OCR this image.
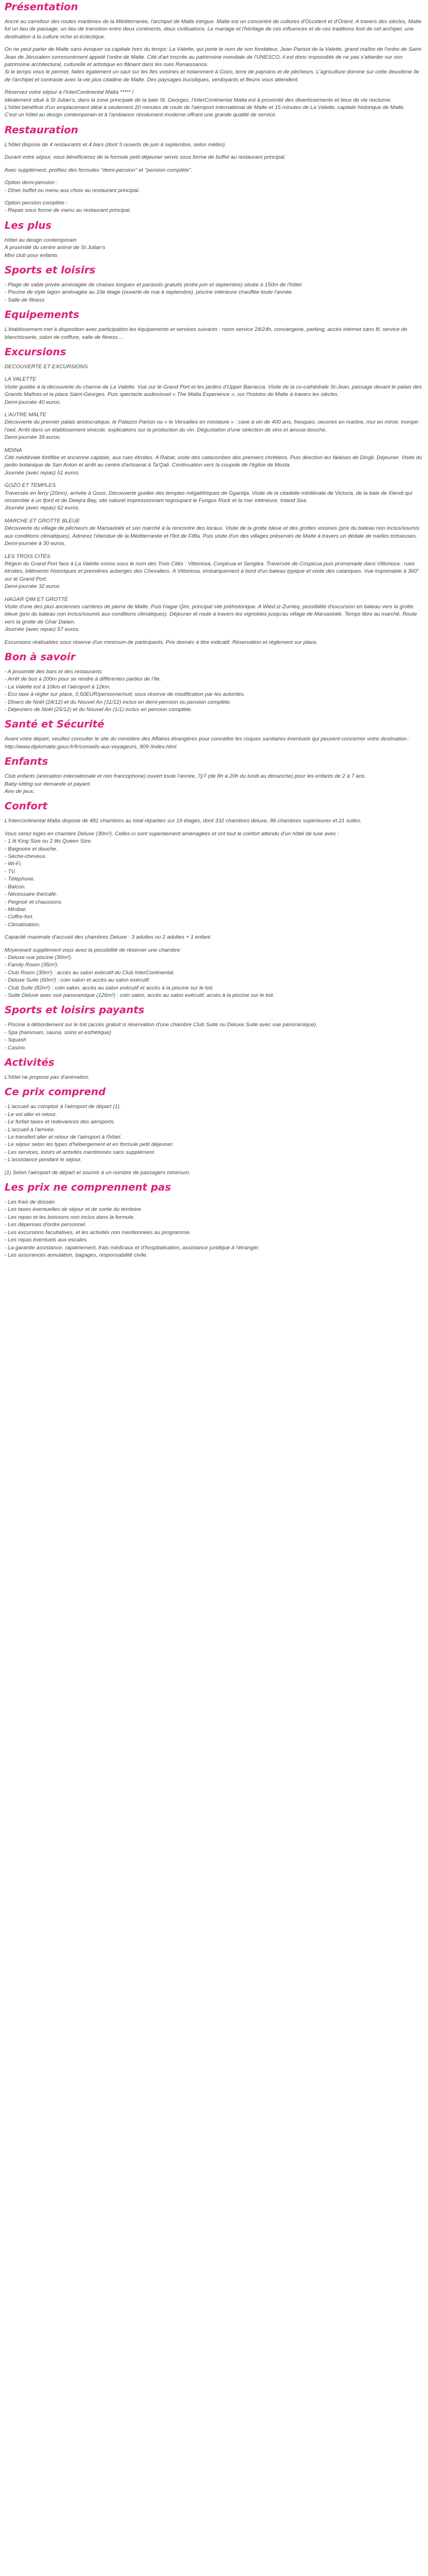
Présentation
Ancré au carrefour des routes maritimes de la Méditerranée, l'archipel de Malte intrigue. Malte est un concentré de cultures d'Occident et d'Orient. A travers des siècles, Malte fut un lieu de passage, un lieu de transition entre deux continents, deux civilisations. Le mariage et l'héritage de ces influences et de ces traditions font de cet archipel, une destination à la culture riche et éclectique.
On ne peut parler de Malte sans évoquer sa capitale hors du temps: La Valette, qui porte le nom de son fondateur, Jean Parisot de la Valette, grand maître de l'ordre de Saint-Jean de Jérusalem communément appelé l'ordre de Malte. Cité d'art inscrite au patrimoine mondiale de l'UNESCO, il est donc impossible de ne pas s'attarder sur son patrimoine architectural, culturelle et artistique en flânant dans les rues Renaissance.
Si le temps vous le permet, faites également un saut sur les îles voisines et notamment à Gozo, terre de paysans et de pêcheurs. L'agriculture domine sur cette deuxième île de l'archipel et contraste avec la vie plus citadine de Malte. Des paysages bucoliques, verdoyants et fleuris vous attendent.
Réservez votre séjour à l'InterContinental Malta ***** !
Idéalement situé à St Julian's, dans la zone principale de la baie St. Georges, l'InterContinental Malta est à proximité des divertissements et lieux de vie nocturne.
L'hôtel bénéficie d'un emplacement idéal à seulement 20 minutes de route de l'aéroport international de Malte et 15 minutes de La Valette, capitale historique de Malte.
C'est un hôtel au design contemporain et à l'ambiance résolument moderne offrant une grande qualité de service.
Restauration
L'hôtel dispose de 4 restaurants et 4 bars (dont 3 ouverts de juin à septembre, selon météo).
Durant votre séjour, vous bénéficierez de la formule petit déjeuner servis sous forme de buffet au restaurant principal.
Avec supplément, profitez des formules "demi-pension" et "pension complète".
Option demi-pension :
- Dîner buffet ou menu aux choix au restaurant principal.
Option pension complète :
- Repas sous forme de menu au restaurant principal.
Les plus
Hôtel au design contemporain
A proximité du centre animé de St Julian's
Mini club pour enfants
Sports et loisirs
- Plage de sable privée aménagée de chaises longues et parasols gratuits (entre juin et septembre) située à 150m de l'hôtel.
- Piscine de style lagon aménagée au 10e étage (ouverte de mai à septembre), piscine intérieure chauffée toute l'année.
- Salle de fitness
Equipements
L'établissement met à disposition avec participation les équipements et services suivants : room service 24/24h, conciergerie, parking, accès internet sans fil, service de blanchisserie, salon de coiffure, salle de fitness ...
Excursions
DECOUVERTE ET EXCURSIONS
LA VALETTE
Visite guidée à la découverte du charme de La Valette. Vue sur le Grand Port et les jardins d'Upper Barracca. Visite de la co-cathédrale St-Jean, passage devant le palais des Grands Maîtres et la place Saint-Georges. Puis spectacle audiovisuel « The Malta Experience », sur l'histoire de Malte à travers les siècles.
Demi-journée 40 euros.
L'AUTRE MALTE
Découverte du premier palais aristocratique, le Palazzo Parisio ou « le Versailles en miniature » : cave à vin de 400 ans, fresques, oeuvres en marbre, mur en miroir, trompe-l'oeil. Arrêt dans un établissement vinicole, explications sur la production du vin. Dégustation d'une sélection de vins et amuse-bouche.
Demi-journée 39 euros.
MDINA
Cité médiévale fortifiée et ancienne capitale, aux rues étroites. A Rabat, visite des catacombes des premiers chrétiens. Puis direction les falaises de Dingli. Déjeuner. Visite du jardin botanique de San Anton et arrêt au centre d'artisanat à Ta'Qali. Continuation vers la coupole de l'église de Mosta.
Journée (avec repas) 51 euros.
GOZO ET TEMPLES
Traversée en ferry (20mn), arrivée à Gozo. Découverte guidée des temples mégalithiques de Ggantija. Visite de la citadelle médiévale de Victoria, de la baie de Xlendi qui ressemble à un fjord et de Dwejra Bay, site naturel impressionnant regroupant le Fungus Rock et la mer intérieure, Inland Sea.
Journée (avec repas) 62 euros.
MARCHE ET GROTTE BLEUE
Découverte du village de pêcheurs de Marsaxlokk et son marché à la rencontre des locaux. Visite de la grotte bleue et des grottes voisines (prix du bateau non inclus/soumis aux conditions climatiques). Admirez l'étendue de la Méditerranée et l'îlot de Filfla. Puis visite d'un des villages préservés de Malte à travers un dédale de ruelles tortueuses.
Demi-journée à 30 euros.
LES TROIS CITÉS
Région du Grand Port face à La Valette connu sous le nom des Trois Cités : Vittoriosa, Cospicua et Senglea. Traversée de Cospicua puis promenade dans Vittoriosa : rues étroites, bâtiments historiques et premières auberges des Chevaliers. A Vittoriosa, embarquement à bord d'un bateau typique et visite des calanques. Vue imprenable à 360° sur le Grand Port.
Demi-journée 32 euros
HAGAR QIM ET GROTTE
Visite d'une des plus anciennes carrières de pierre de Malte. Puis Hagar Qim, principal site préhistorique. A Wied iz-Zurrieq, possibilité d'excursion en bateau vers la grotte bleue (prix du bateau non inclus/soumis aux conditions climatiques). Déjeuner et route à travers les vignobles jusqu'au village de Marsaxlokk. Temps libre au marché. Route vers la grotte de Ghar Dalam.
Journée (avec repas) 57 euros.
Excursions réalisables sous réserve d'un minimum de participants. Prix donnés à titre indicatif. Réservation et règlement sur place.
Bon à savoir
- A proximité des bars et des restaurants.
- Arrêt de bus à 200m pour se rendre à différentes parties de l'île.
- La Valette est à 10km et l'aéroport à 12km.
- Eco taxe à régler sur place, 0,50EUR/personne/nuit; sous réserve de modification par les autorités.
- Dîners de Noël (24/12) et du Nouvel An (31/12) inclus en demi-pension ou pension complète.
- Déjeuners de Noël (25/12) et du Nouvel An (1/1) inclus en pension complète.
Santé et Sécurité
Avant votre départ, veuillez consulter le site du ministère des Affaires étrangères pour connaître les risques sanitaires éventuels qui peuvent concerner votre destination : http://www.diplomatie.gouv.fr/fr/conseils-aux-voyageurs_909 /index.html
Enfants
Club enfants (animation internationale et non francophone) ouvert toute l'année, 7j/7 (de 8h à 20h du lundi au dimanche) pour les enfants de 2 à 7 ans.
Baby-sitting sur demande et payant.
Aire de jeux.
Confort
L'Intercontinental Malta dispose de 481 chambres au total réparties sur 19 étages, dont 332 chambres deluxe, 86 chambres supérieures et 21 suites.
Vous serez logés en chambre Deluxe (30m²). Celles-ci sont superbement aménagées et ont tout le confort attendu d'un hôtel de luxe avec :
- 1 lit King Size ou 2 lits Queen Size.
- Baignoire et douche.
- Sèche-cheveux.
- Wi-Fi.
- TV.
- Téléphone.
- Balcon.
- Nécessaire thé/café.
- Peignoir et chaussons.
- Minibar.
- Coffre-fort.
- Climatisation.
Capacité maximale d'accueil des chambres Deluxe : 3 adultes ou 2 adultes + 1 enfant.
Moyennant supplément vous avez la possibilité de réserver une chambre:
- Deluxe vue piscine (30m²).
- Family Room (35m²).
- Club Room (30m²) : accès au salon exécutif du Club InterContinental.
- Deluxe Suite (60m²) : coin salon et accès au salon exécutif.
- Club Suite (82m²) : coin salon, accès au salon exécutif et accès à la piscine sur le toit.
- Suite Deluxe avec vue panoramique (126m²) : coin salon, accès au salon exécutif, accès à la piscine sur le toit.
Sports et loisirs payants
- Piscine à débordement sur le toit (accès gratuit si réservation d'une chambre Club Suite ou Deluxe Suite avec vue panoramique).
- Spa (hammam, sauna, soins et esthétique)
- Squash
- Casino.
Activités
L'hôtel ne propose pas d'animation.
Ce prix comprend
- L'accueil au comptoir à l'aéroport de départ (1).
- Le vol aller et retour.
- Le forfait taxes et redevances des aéroports.
- L'accueil à l'arrivée.
- Le transfert aller et retour de l'aéroport à l'hôtel.
- Le séjour selon les types d'hébergement et en formule petit déjeuner.
- Les services, loisirs et activités mentionnés sans supplément.
- L'assistance pendant le séjour.
(1) Selon l'aéroport de départ et soumis à un nombre de passagers minimum.
Les prix ne comprennent pas
- Les frais de dossier.
- Les taxes éventuelles de séjour et de sortie du territoire.
- Les repas et les boissons non inclus dans la formule.
- Les dépenses d'ordre personnel.
- Les excursions facultatives, et les activités non mentionnées au programme.
- Les repas éventuels aux escales.
- La garantie assistance, rapatriement, frais médicaux et d'hospitalisation, assistance juridique à l'étranger.
- Les assurances annulation, bagages, responsabilité civile.
